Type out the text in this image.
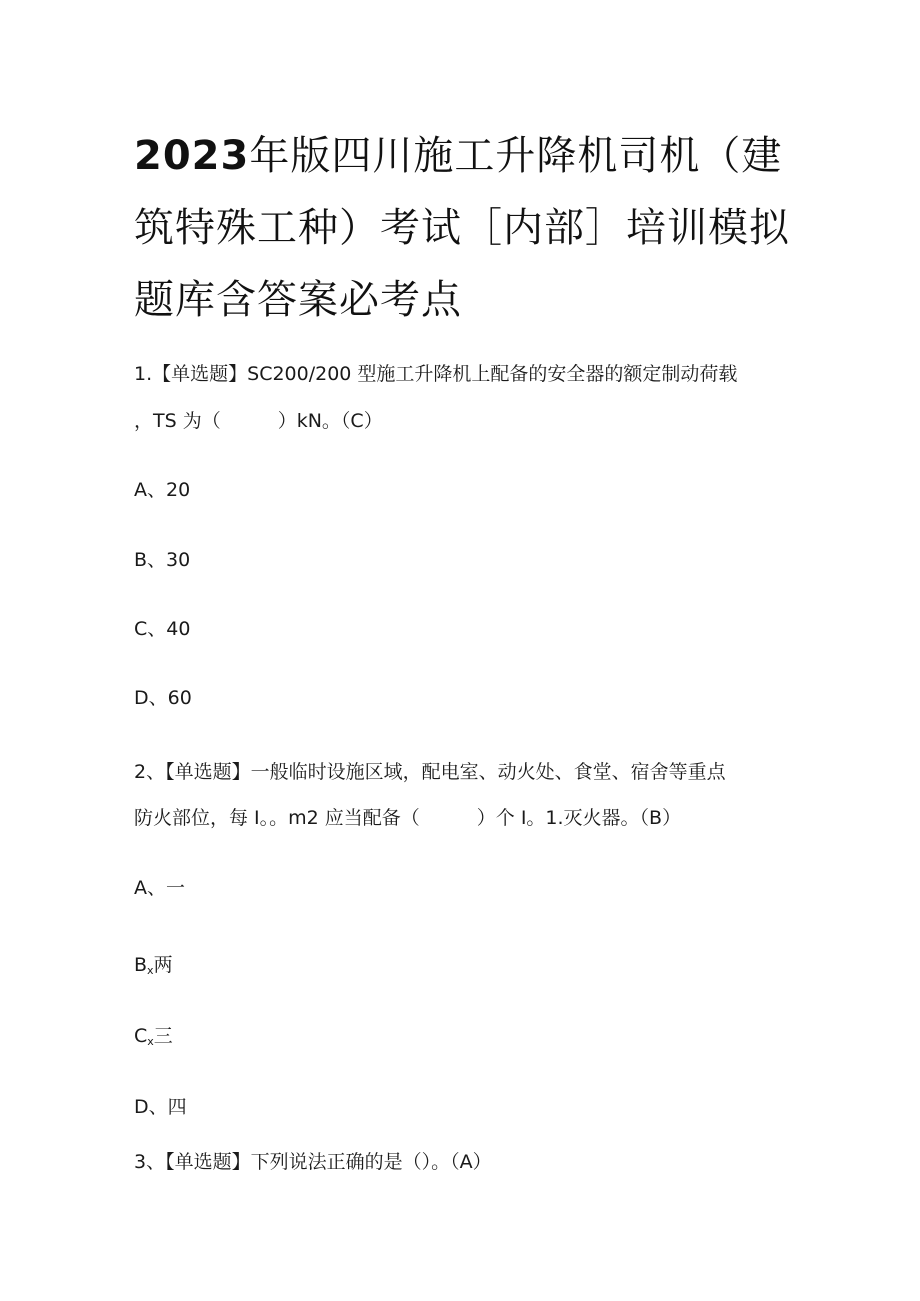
2023年版四川施工升降机司机（建筑特殊工种）考试［内部］培训模拟题库含答案必考点
1.【单选题】SC200/200 型施工升降机上配备的安全器的额定制动荷载
，TS 为（　　　）kN。（C）
A、20
B、30
C、40
D、60
2、【单选题】一般临时设施区域，配电室、动火处、食堂、宿舍等重点
防火部位，每 I。。m2 应当配备（　　　）个 I。1.灭火器。（B）
A、一
$B_x$两
$C_x$三
D、四
3、【单选题】下列说法正确的是（）。（A）
